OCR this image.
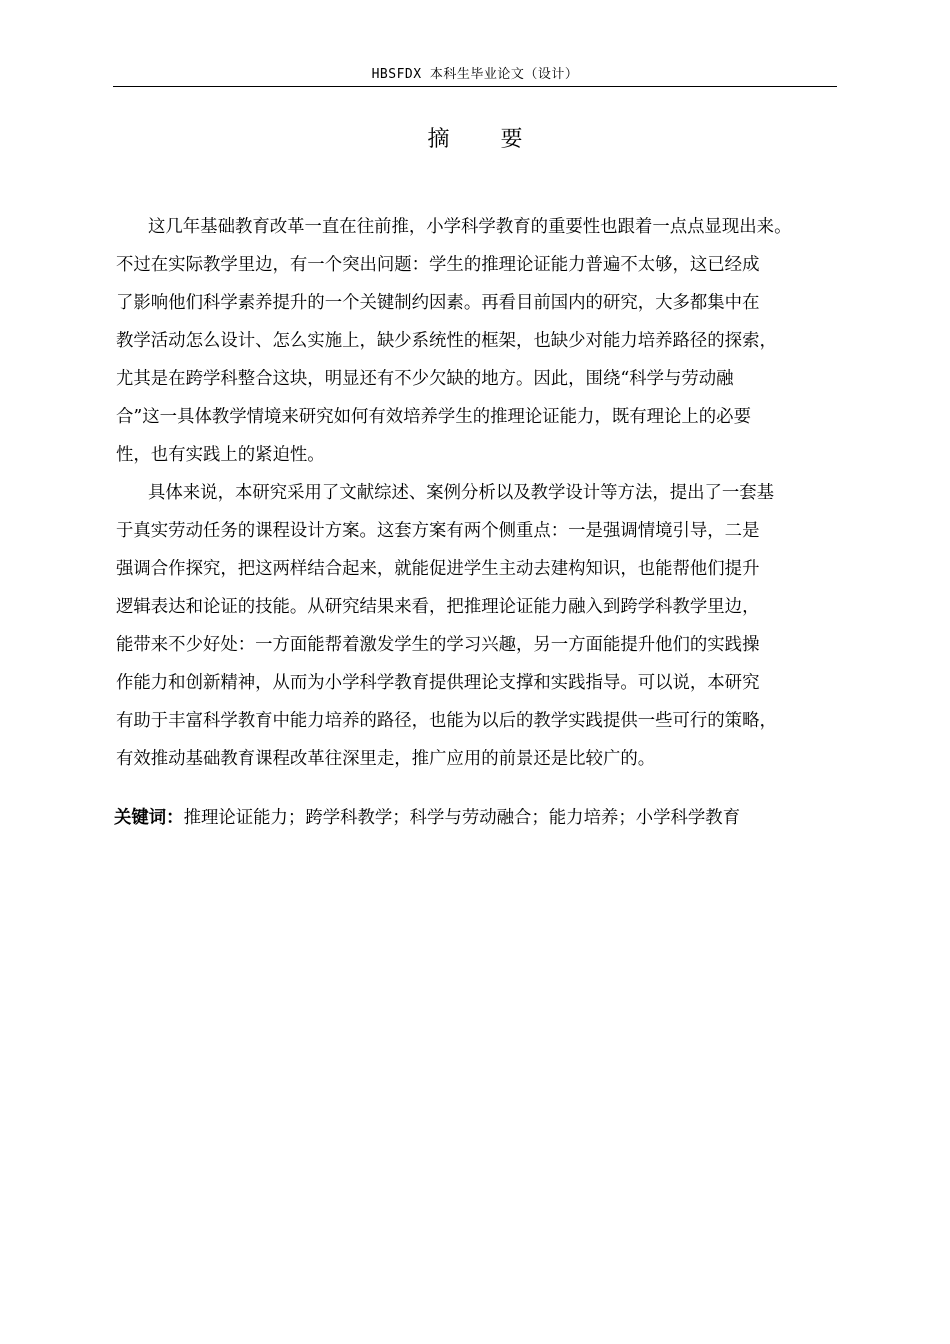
HBSFDX 本科生毕业论文（设计）
摘 要
这几年基础教育改革一直在往前推，小学科学教育的重要性也跟着一点点显现出来。
不过在实际教学里边，有一个突出问题：学生的推理论证能力普遍不太够，这已经成
了影响他们科学素养提升的一个关键制约因素。再看目前国内的研究，大多都集中在
教学活动怎么设计、怎么实施上，缺少系统性的框架，也缺少对能力培养路径的探索，
尤其是在跨学科整合这块，明显还有不少欠缺的地方。因此，围绕“科学与劳动融
合”这一具体教学情境来研究如何有效培养学生的推理论证能力，既有理论上的必要
性，也有实践上的紧迫性。
具体来说，本研究采用了文献综述、案例分析以及教学设计等方法，提出了一套基
于真实劳动任务的课程设计方案。这套方案有两个侧重点：一是强调情境引导，二是
强调合作探究，把这两样结合起来，就能促进学生主动去建构知识，也能帮他们提升
逻辑表达和论证的技能。从研究结果来看，把推理论证能力融入到跨学科教学里边，
能带来不少好处：一方面能帮着激发学生的学习兴趣，另一方面能提升他们的实践操
作能力和创新精神，从而为小学科学教育提供理论支撑和实践指导。可以说，本研究
有助于丰富科学教育中能力培养的路径，也能为以后的教学实践提供一些可行的策略，
有效推动基础教育课程改革往深里走，推广应用的前景还是比较广的。
关键词：推理论证能力；跨学科教学；科学与劳动融合；能力培养；小学科学教育
